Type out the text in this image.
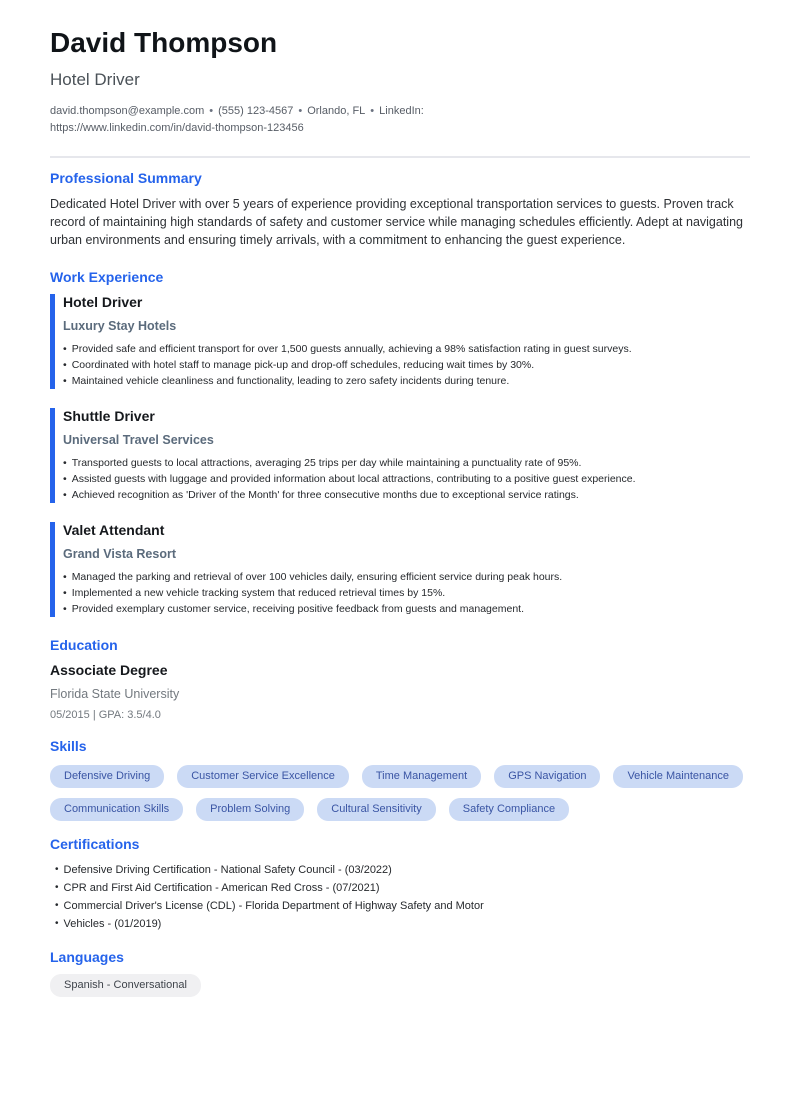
David Thompson
Hotel Driver
david.thompson@example.com • (555) 123-4567 • Orlando, FL • LinkedIn:
https://www.linkedin.com/in/david-thompson-123456
Professional Summary

Dedicated Hotel Driver with over 5 years of experience providing exceptional transportation services to guests. Proven track record of maintaining high standards of safety and customer service while managing schedules efficiently. Adept at navigating urban environments and ensuring timely arrivals, with a commitment to enhancing the guest experience.

Work Experience
Hotel Driver
Luxury Stay Hotels
• Provided safe and efficient transport for over 1,500 guests annually, achieving a 98% satisfaction rating in guest surveys.
• Coordinated with hotel staff to manage pick-up and drop-off schedules, reducing wait times by 30%.
• Maintained vehicle cleanliness and functionality, leading to zero safety incidents during tenure.
Shuttle Driver
Universal Travel Services
• Transported guests to local attractions, averaging 25 trips per day while maintaining a punctuality rate of 95%.
• Assisted guests with luggage and provided information about local attractions, contributing to a positive guest experience.
• Achieved recognition as 'Driver of the Month' for three consecutive months due to exceptional service ratings.
Valet Attendant
Grand Vista Resort
• Managed the parking and retrieval of over 100 vehicles daily, ensuring efficient service during peak hours.
• Implemented a new vehicle tracking system that reduced retrieval times by 15%.
• Provided exemplary customer service, receiving positive feedback from guests and management.
Education
Associate Degree
Florida State University
05/2015 | GPA: 3.5/4.0
Skills
Defensive Driving	Customer Service Excellence	Time Management	GPS Navigation	Vehicle Maintenance
Communication Skills	Problem Solving	Cultural Sensitivity	Safety Compliance
Certifications
• Defensive Driving Certification - National Safety Council - (03/2022)
• CPR and First Aid Certification - American Red Cross - (07/2021)
• Commercial Driver's License (CDL) - Florida Department of Highway Safety and Motor
• Vehicles - (01/2019)
Languages
Spanish - Conversational
